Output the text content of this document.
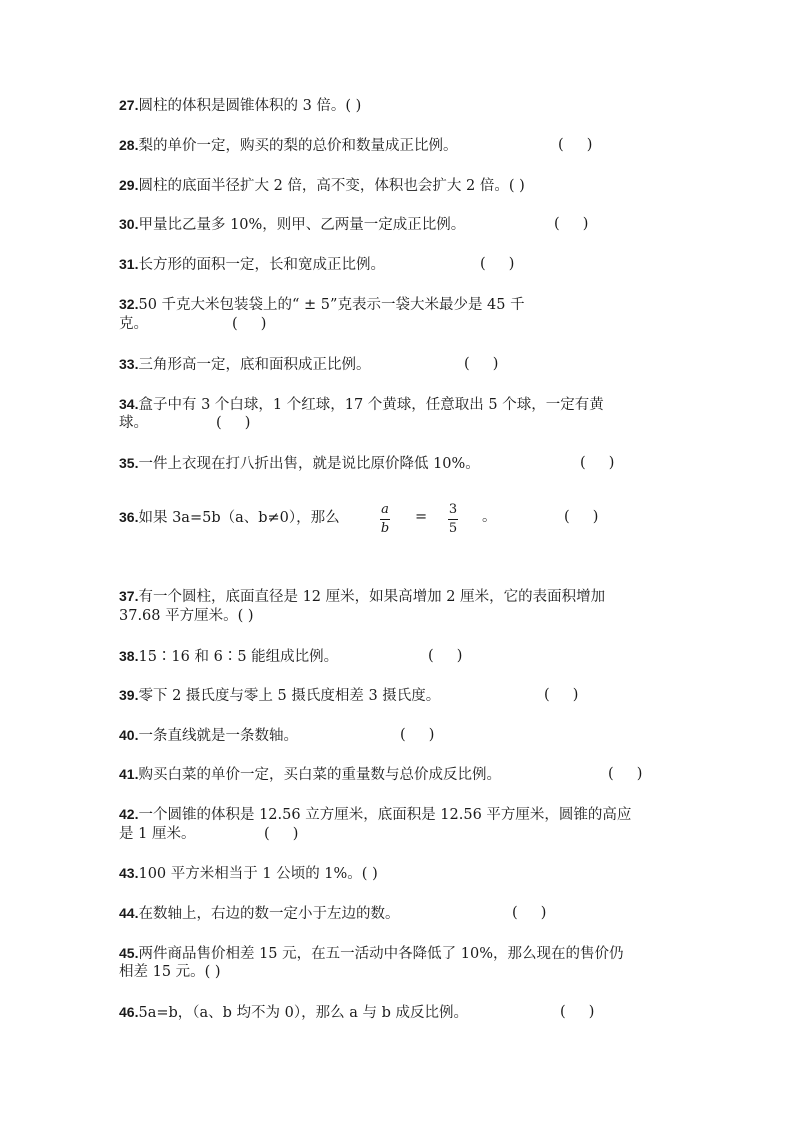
27.圆柱的体积是圆锥体积的 3 倍。( )
28.梨的单价一定，购买的梨的总价和数量成正比例。	(     )
29.圆柱的底面半径扩大 2 倍，高不变，体积也会扩大 2 倍。( )
30.甲量比乙量多 10%，则甲、乙两量一定成正比例。	(     )
31.长方形的面积一定，长和宽成正比例。	(     )
32.50 千克大米包装袋上的“ ± 5”克表示一袋大米最少是 45 千
克。	(     )
33.三角形高一定，底和面积成正比例。	(     )
34.盒子中有 3 个白球，1 个红球，17 个黄球，任意取出 5 个球，一定有黄
球。	(     )
35.一件上衣现在打八折出售，就是说比原价降低 10%。	(     )
36.如果 3a=5b（a、b≠0），那么
a
b
= 3
5
。	(     )
37.有一个圆柱，底面直径是 12 厘米，如果高增加 2 厘米，它的表面积增加
37.68 平方厘米。( )
38.15∶16 和 6∶5 能组成比例。	(     )
39.零下 2 摄氏度与零上 5 摄氏度相差 3 摄氏度。	(     )
40.一条直线就是一条数轴。	(     )
41.购买白菜的单价一定，买白菜的重量数与总价成反比例。	(     )
42.一个圆锥的体积是 12.56 立方厘米，底面积是 12.56 平方厘米，圆锥的高应
是 1 厘米。	(     )
43.100 平方米相当于 1 公顷的 1%。( )
44.在数轴上，右边的数一定小于左边的数。	(     )
45.两件商品售价相差 15 元，在五一活动中各降低了 10%，那么现在的售价仍
相差 15 元。( )
46.5a=b，（a、b 均不为 0），那么 a 与 b 成反比例。	(     )
